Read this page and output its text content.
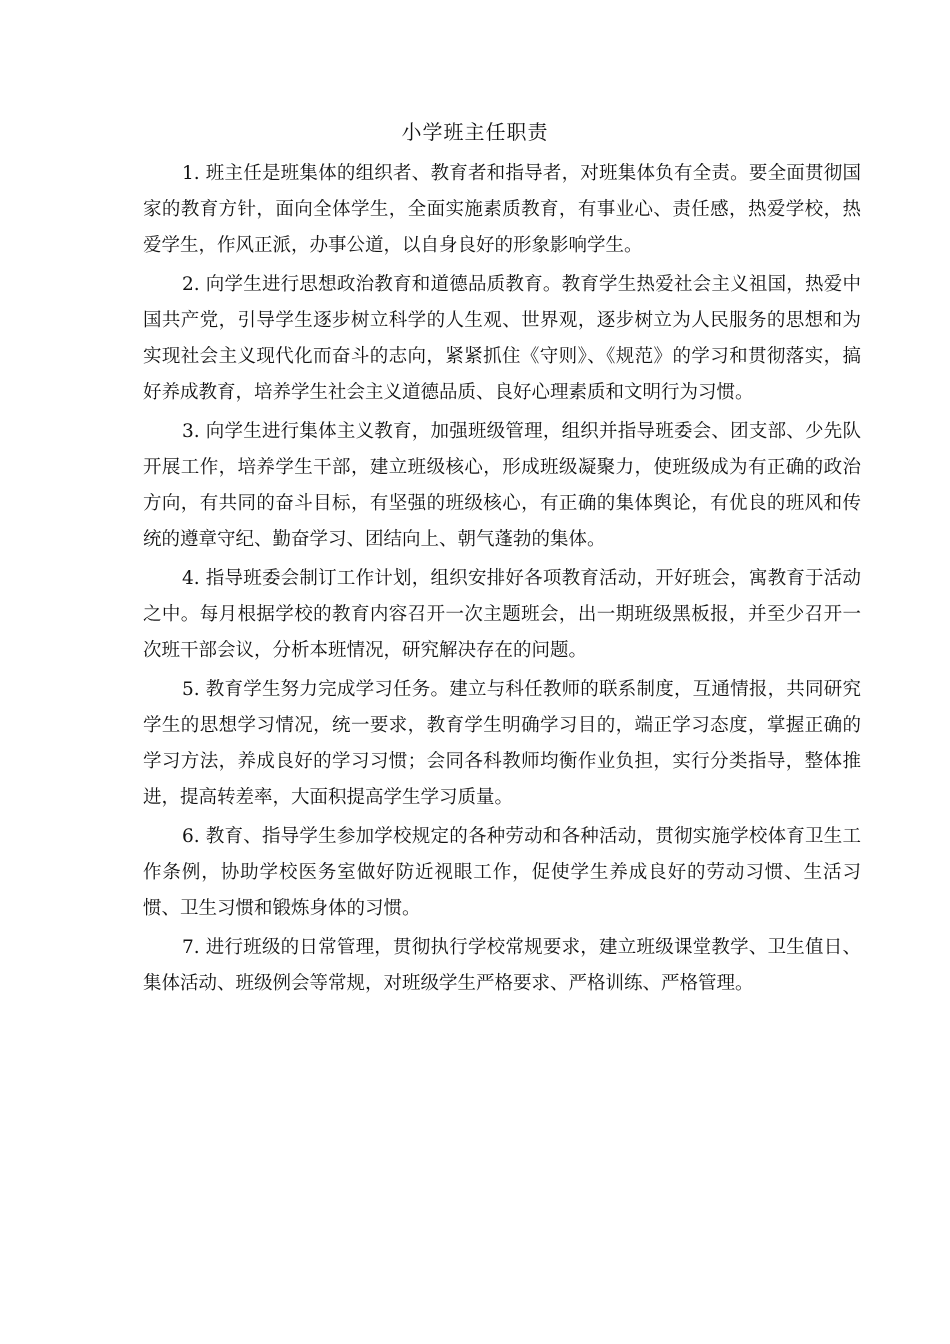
小学班主任职责

1. 班主任是班集体的组织者、教育者和指导者，对班集体负有全责。要全面贯彻国家的教育方针，面向全体学生，全面实施素质教育，有事业心、责任感，热爱学校，热爱学生，作风正派，办事公道，以自身良好的形象影响学生。

2. 向学生进行思想政治教育和道德品质教育。教育学生热爱社会主义祖国，热爱中国共产党，引导学生逐步树立科学的人生观、世界观，逐步树立为人民服务的思想和为实现社会主义现代化而奋斗的志向，紧紧抓住《守则》、《规范》的学习和贯彻落实，搞好养成教育，培养学生社会主义道德品质、良好心理素质和文明行为习惯。

3. 向学生进行集体主义教育，加强班级管理，组织并指导班委会、团支部、少先队开展工作，培养学生干部，建立班级核心，形成班级凝聚力，使班级成为有正确的政治方向，有共同的奋斗目标，有坚强的班级核心，有正确的集体舆论，有优良的班风和传统的遵章守纪、勤奋学习、团结向上、朝气蓬勃的集体。

4. 指导班委会制订工作计划，组织安排好各项教育活动，开好班会，寓教育于活动之中。每月根据学校的教育内容召开一次主题班会，出一期班级黑板报，并至少召开一次班干部会议，分析本班情况，研究解决存在的问题。

5. 教育学生努力完成学习任务。建立与科任教师的联系制度，互通情报，共同研究学生的思想学习情况，统一要求，教育学生明确学习目的，端正学习态度，掌握正确的学习方法，养成良好的学习习惯；会同各科教师均衡作业负担，实行分类指导，整体推进，提高转差率，大面积提高学生学习质量。

6. 教育、指导学生参加学校规定的各种劳动和各种活动，贯彻实施学校体育卫生工作条例，协助学校医务室做好防近视眼工作，促使学生养成良好的劳动习惯、生活习惯、卫生习惯和锻炼身体的习惯。

7. 进行班级的日常管理，贯彻执行学校常规要求，建立班级课堂教学、卫生值日、集体活动、班级例会等常规，对班级学生严格要求、严格训练、严格管理。
